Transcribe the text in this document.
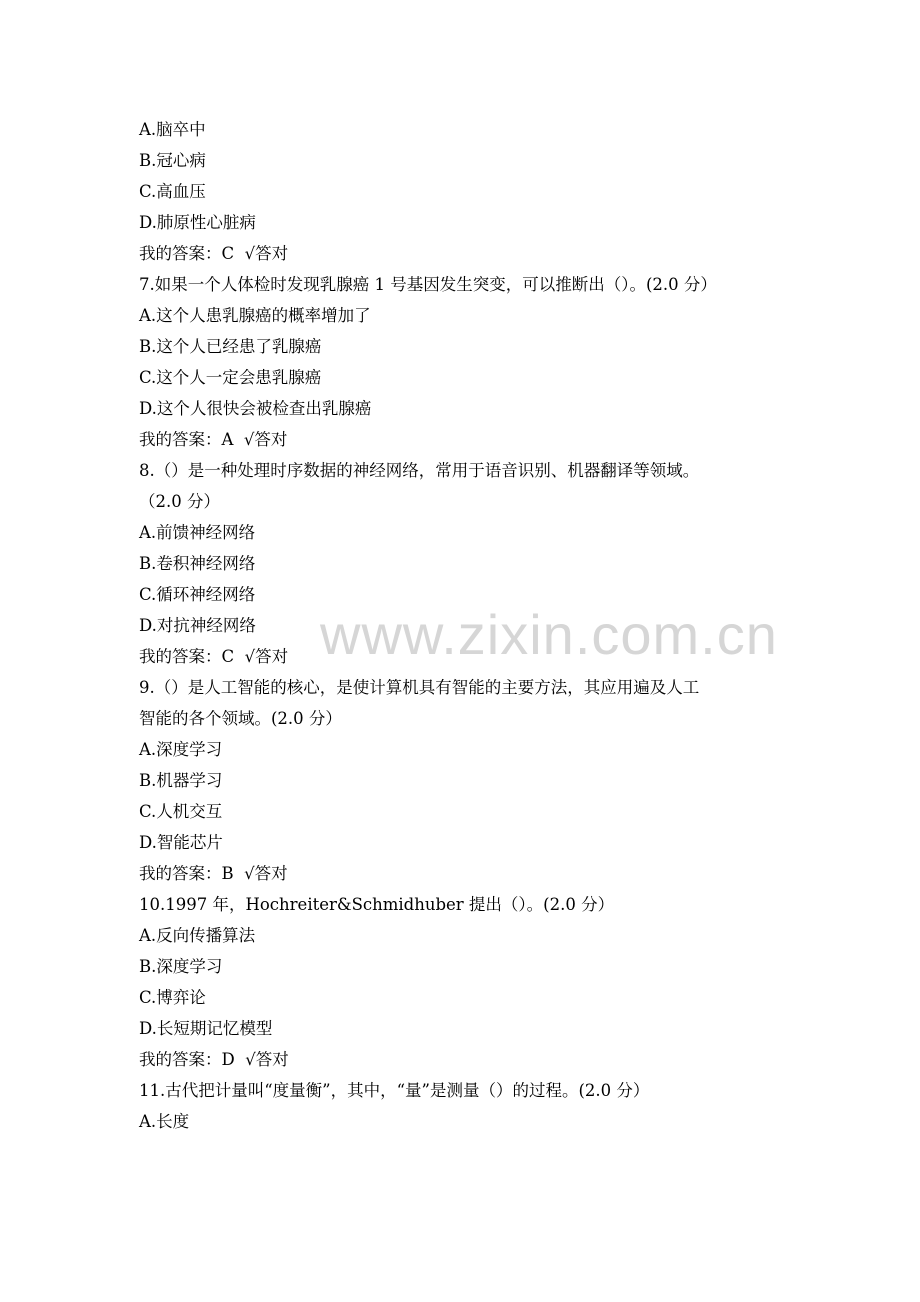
www.zixin.com.cn
A.脑卒中
B.冠心病
C.高血压
D.肺原性心脏病
我的答案：C  √答对
7.如果一个人体检时发现乳腺癌 1 号基因发生突变，可以推断出（）。(2.0 分）
A.这个人患乳腺癌的概率增加了
B.这个人已经患了乳腺癌
C.这个人一定会患乳腺癌
D.这个人很快会被检查出乳腺癌
我的答案：A  √答对
8.（）是一种处理时序数据的神经网络，常用于语音识别、机器翻译等领域。
（2.0 分）
A.前馈神经网络
B.卷积神经网络
C.循环神经网络
D.对抗神经网络
我的答案：C  √答对
9.（）是人工智能的核心，是使计算机具有智能的主要方法，其应用遍及人工
智能的各个领域。(2.0 分）
A.深度学习
B.机器学习
C.人机交互
D.智能芯片
我的答案：B  √答对
10.1997 年，Hochreiter&Schmidhuber 提出（）。(2.0 分）
A.反向传播算法
B.深度学习
C.博弈论
D.长短期记忆模型
我的答案：D  √答对
11.古代把计量叫“度量衡”，其中，“量”是测量（）的过程。(2.0 分）
A.长度
